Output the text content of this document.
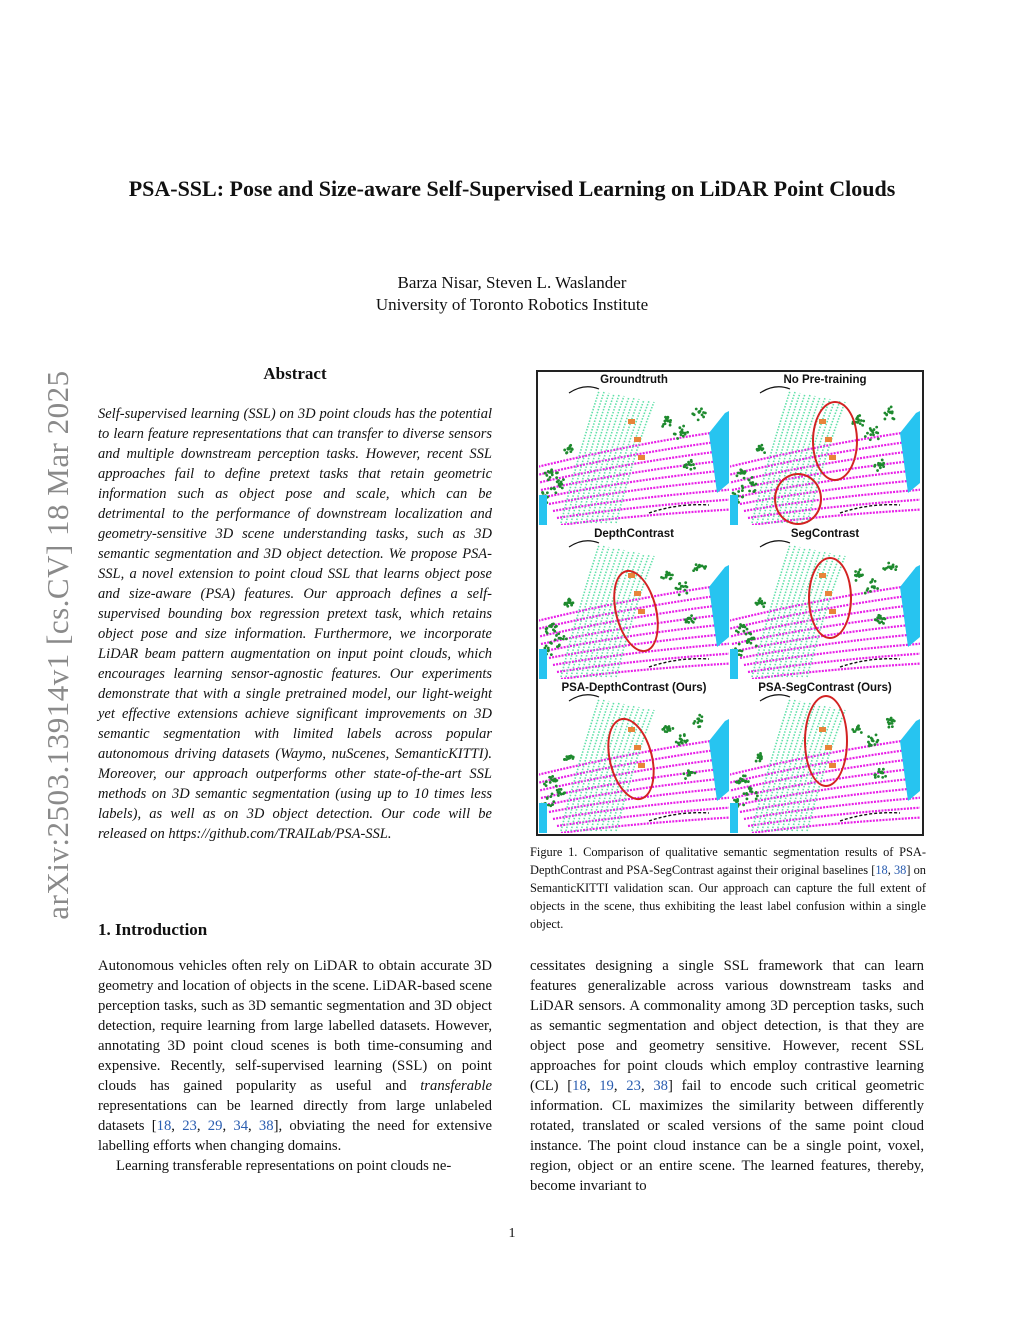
arXiv:2503.13914v1 [cs.CV] 18 Mar 2025
PSA-SSL: Pose and Size-aware Self-Supervised Learning on LiDAR Point Clouds
Barza Nisar, Steven L. Waslander
University of Toronto Robotics Institute
Abstract
Self-supervised learning (SSL) on 3D point clouds has the potential to learn feature representations that can transfer to diverse sensors and multiple downstream perception tasks. However, recent SSL approaches fail to define pretext tasks that retain geometric information such as object pose and scale, which can be detrimental to the performance of downstream localization and geometry-sensitive 3D scene understanding tasks, such as 3D semantic segmentation and 3D object detection. We propose PSA-SSL, a novel extension to point cloud SSL that learns object pose and size-aware (PSA) features. Our approach defines a self-supervised bounding box regression pretext task, which retains object pose and size information. Furthermore, we incorporate LiDAR beam pattern augmentation on input point clouds, which encourages learning sensor-agnostic features. Our experiments demonstrate that with a single pretrained model, our light-weight yet effective extensions achieve significant improvements on 3D semantic segmentation with limited labels across popular autonomous driving datasets (Waymo, nuScenes, SemanticKITTI). Moreover, our approach outperforms other state-of-the-art SSL methods on 3D semantic segmentation (using up to 10 times less labels), as well as on 3D object detection. Our code will be released on https://github.com/TRAILab/PSA-SSL.
1. Introduction
Autonomous vehicles often rely on LiDAR to obtain accurate 3D geometry and location of objects in the scene. LiDAR-based scene perception tasks, such as 3D semantic segmentation and 3D object detection, require learning from large labelled datasets. However, annotating 3D point cloud scenes is both time-consuming and expensive. Recently, self-supervised learning (SSL) on point clouds has gained popularity as useful and transferable representations can be learned directly from large unlabeled datasets [18, 23, 29, 34, 38], obviating the need for extensive labelling efforts when changing domains.
Learning transferable representations on point clouds ne-
cessitates designing a single SSL framework that can learn features generalizable across various downstream tasks and LiDAR sensors. A commonality among 3D perception tasks, such as semantic segmentation and object detection, is that they are object pose and geometry sensitive. However, recent SSL approaches for point clouds which employ contrastive learning (CL) [18, 19, 23, 38] fail to encode such critical geometric information. CL maximizes the similarity between differently rotated, translated or scaled versions of the same point cloud instance. The point cloud instance can be a single point, voxel, region, object or an entire scene. The learned features, thereby, become invariant to
Groundtruth	No Pre-training
DepthContrast	SegContrast
PSA-DepthContrast (Ours)	PSA-SegContrast (Ours)
Figure 1. Comparison of qualitative semantic segmentation results of PSA-DepthContrast and PSA-SegContrast against their original baselines [18, 38] on SemanticKITTI validation scan. Our approach can capture the full extent of objects in the scene, thus exhibiting the least label confusion within a single object.
1
